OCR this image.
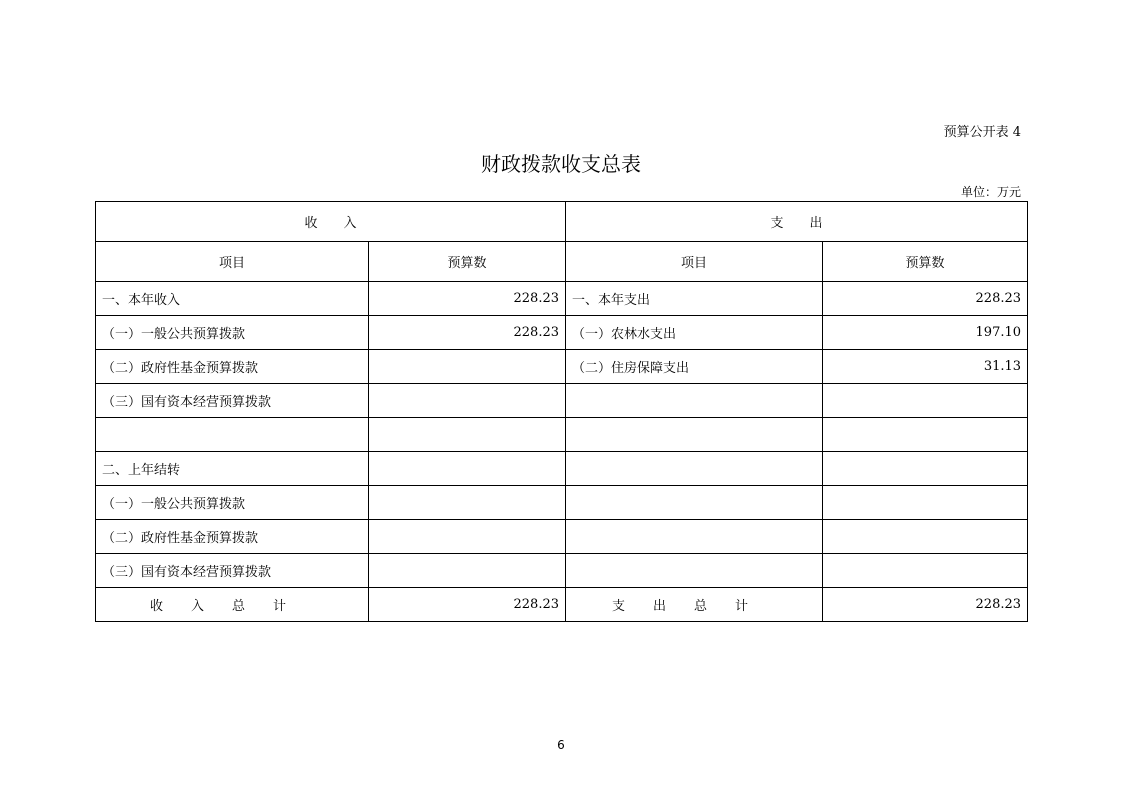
预算公开表 4
财政拨款收支总表
单位：万元
收　　入		支　　出	
项目	预算数	项目	预算数
一、本年收入	228.23	一、本年支出	228.23
（一）一般公共预算拨款	228.23	（一）农林水支出	197.10
（二）政府性基金预算拨款		（二）住房保障支出	31.13
（三）国有资本经营预算拨款			

二、上年结转			
（一）一般公共预算拨款			
（二）政府性基金预算拨款			
（三）国有资本经营预算拨款			
收入总计	228.23	支出总计	228.23
6
